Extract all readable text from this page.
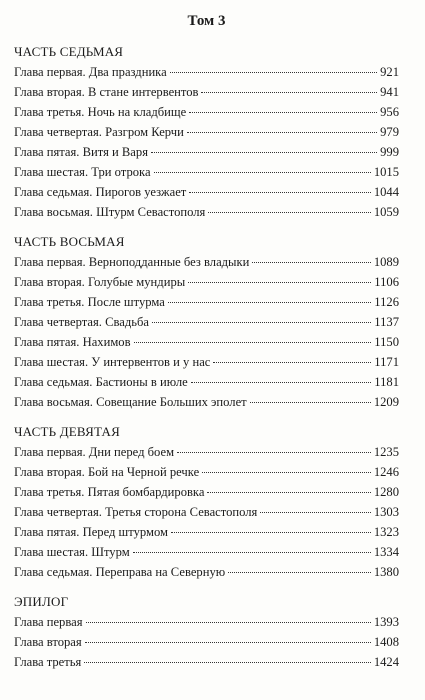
Том 3
ЧАСТЬ СЕДЬМАЯ
Глава первая. Два праздника	921
Глава вторая. В стане интервентов	941
Глава третья. Ночь на кладбище	956
Глава четвертая. Разгром Керчи	979
Глава пятая. Витя и Варя	999
Глава шестая. Три отрока	1015
Глава седьмая. Пирогов уезжает	1044
Глава восьмая. Штурм Севастополя	1059
ЧАСТЬ ВОСЬМАЯ
Глава первая. Верноподданные без владыки	1089
Глава вторая. Голубые мундиры	1106
Глава третья. После штурма	1126
Глава четвертая. Свадьба	1137
Глава пятая. Нахимов	1150
Глава шестая. У интервентов и у нас	1171
Глава седьмая. Бастионы в июле	1181
Глава восьмая. Совещание Больших эполет	1209
ЧАСТЬ ДЕВЯТАЯ
Глава первая. Дни перед боем	1235
Глава вторая. Бой на Черной речке	1246
Глава третья. Пятая бомбардировка	1280
Глава четвертая. Третья сторона Севастополя	1303
Глава пятая. Перед штурмом	1323
Глава шестая. Штурм	1334
Глава седьмая. Переправа на Северную	1380
ЭПИЛОГ
Глава первая	1393
Глава вторая	1408
Глава третья	1424
